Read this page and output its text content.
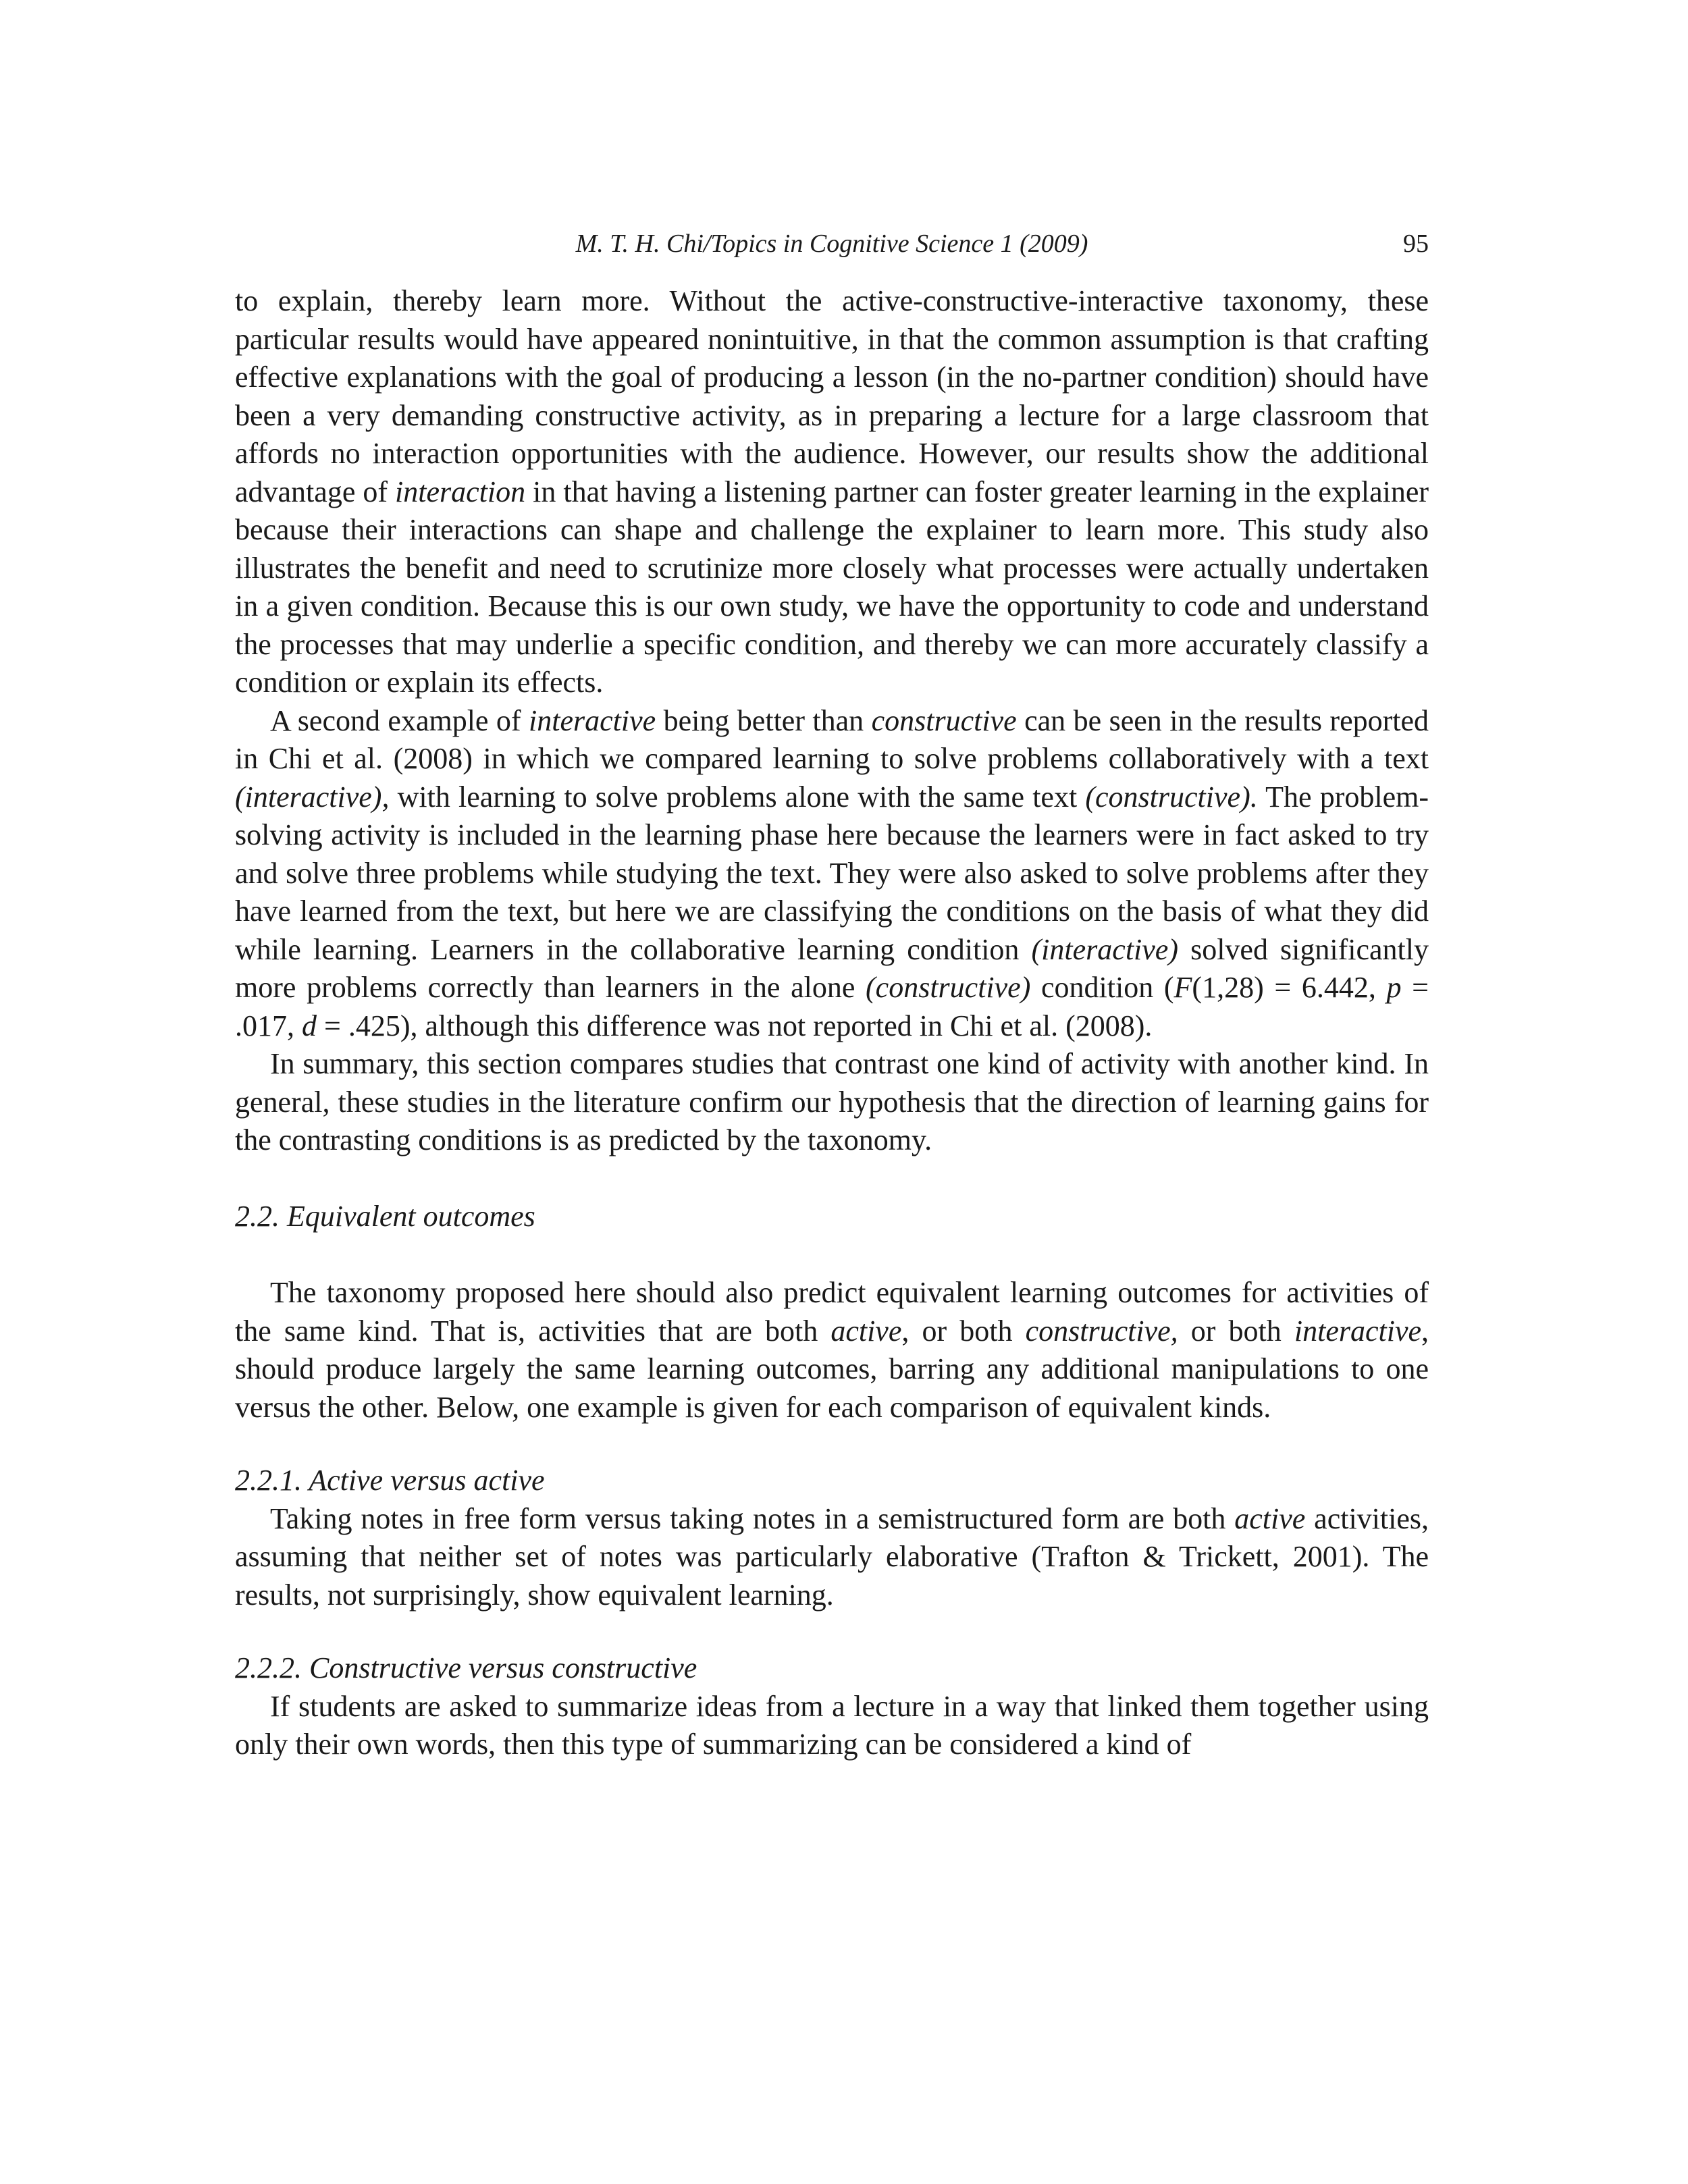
M. T. H. Chi/Topics in Cognitive Science 1 (2009)	95

to explain, thereby learn more. Without the active-constructive-interactive taxonomy, these particular results would have appeared nonintuitive, in that the common assumption is that crafting effective explanations with the goal of producing a lesson (in the no-partner condition) should have been a very demanding constructive activity, as in preparing a lecture for a large classroom that affords no interaction opportunities with the audience. However, our results show the additional advantage of interaction in that having a listening partner can foster greater learning in the explainer because their interactions can shape and challenge the explainer to learn more. This study also illustrates the benefit and need to scrutinize more closely what processes were actually undertaken in a given condition. Because this is our own study, we have the opportunity to code and understand the processes that may underlie a specific condition, and thereby we can more accurately classify a condition or explain its effects.

A second example of interactive being better than constructive can be seen in the results reported in Chi et al. (2008) in which we compared learning to solve problems collaboratively with a text (interactive), with learning to solve problems alone with the same text (constructive). The problem-solving activity is included in the learning phase here because the learners were in fact asked to try and solve three problems while studying the text. They were also asked to solve problems after they have learned from the text, but here we are classifying the conditions on the basis of what they did while learning. Learners in the collaborative learning condition (interactive) solved significantly more problems correctly than learners in the alone (constructive) condition (F(1,28) = 6.442, p = .017, d = .425), although this difference was not reported in Chi et al. (2008).

In summary, this section compares studies that contrast one kind of activity with another kind. In general, these studies in the literature confirm our hypothesis that the direction of learning gains for the contrasting conditions is as predicted by the taxonomy.

2.2. Equivalent outcomes

The taxonomy proposed here should also predict equivalent learning outcomes for activities of the same kind. That is, activities that are both active, or both constructive, or both interactive, should produce largely the same learning outcomes, barring any additional manipulations to one versus the other. Below, one example is given for each comparison of equivalent kinds.

2.2.1. Active versus active

Taking notes in free form versus taking notes in a semistructured form are both active activities, assuming that neither set of notes was particularly elaborative (Trafton & Trickett, 2001). The results, not surprisingly, show equivalent learning.

2.2.2. Constructive versus constructive

If students are asked to summarize ideas from a lecture in a way that linked them together using only their own words, then this type of summarizing can be considered a kind of
